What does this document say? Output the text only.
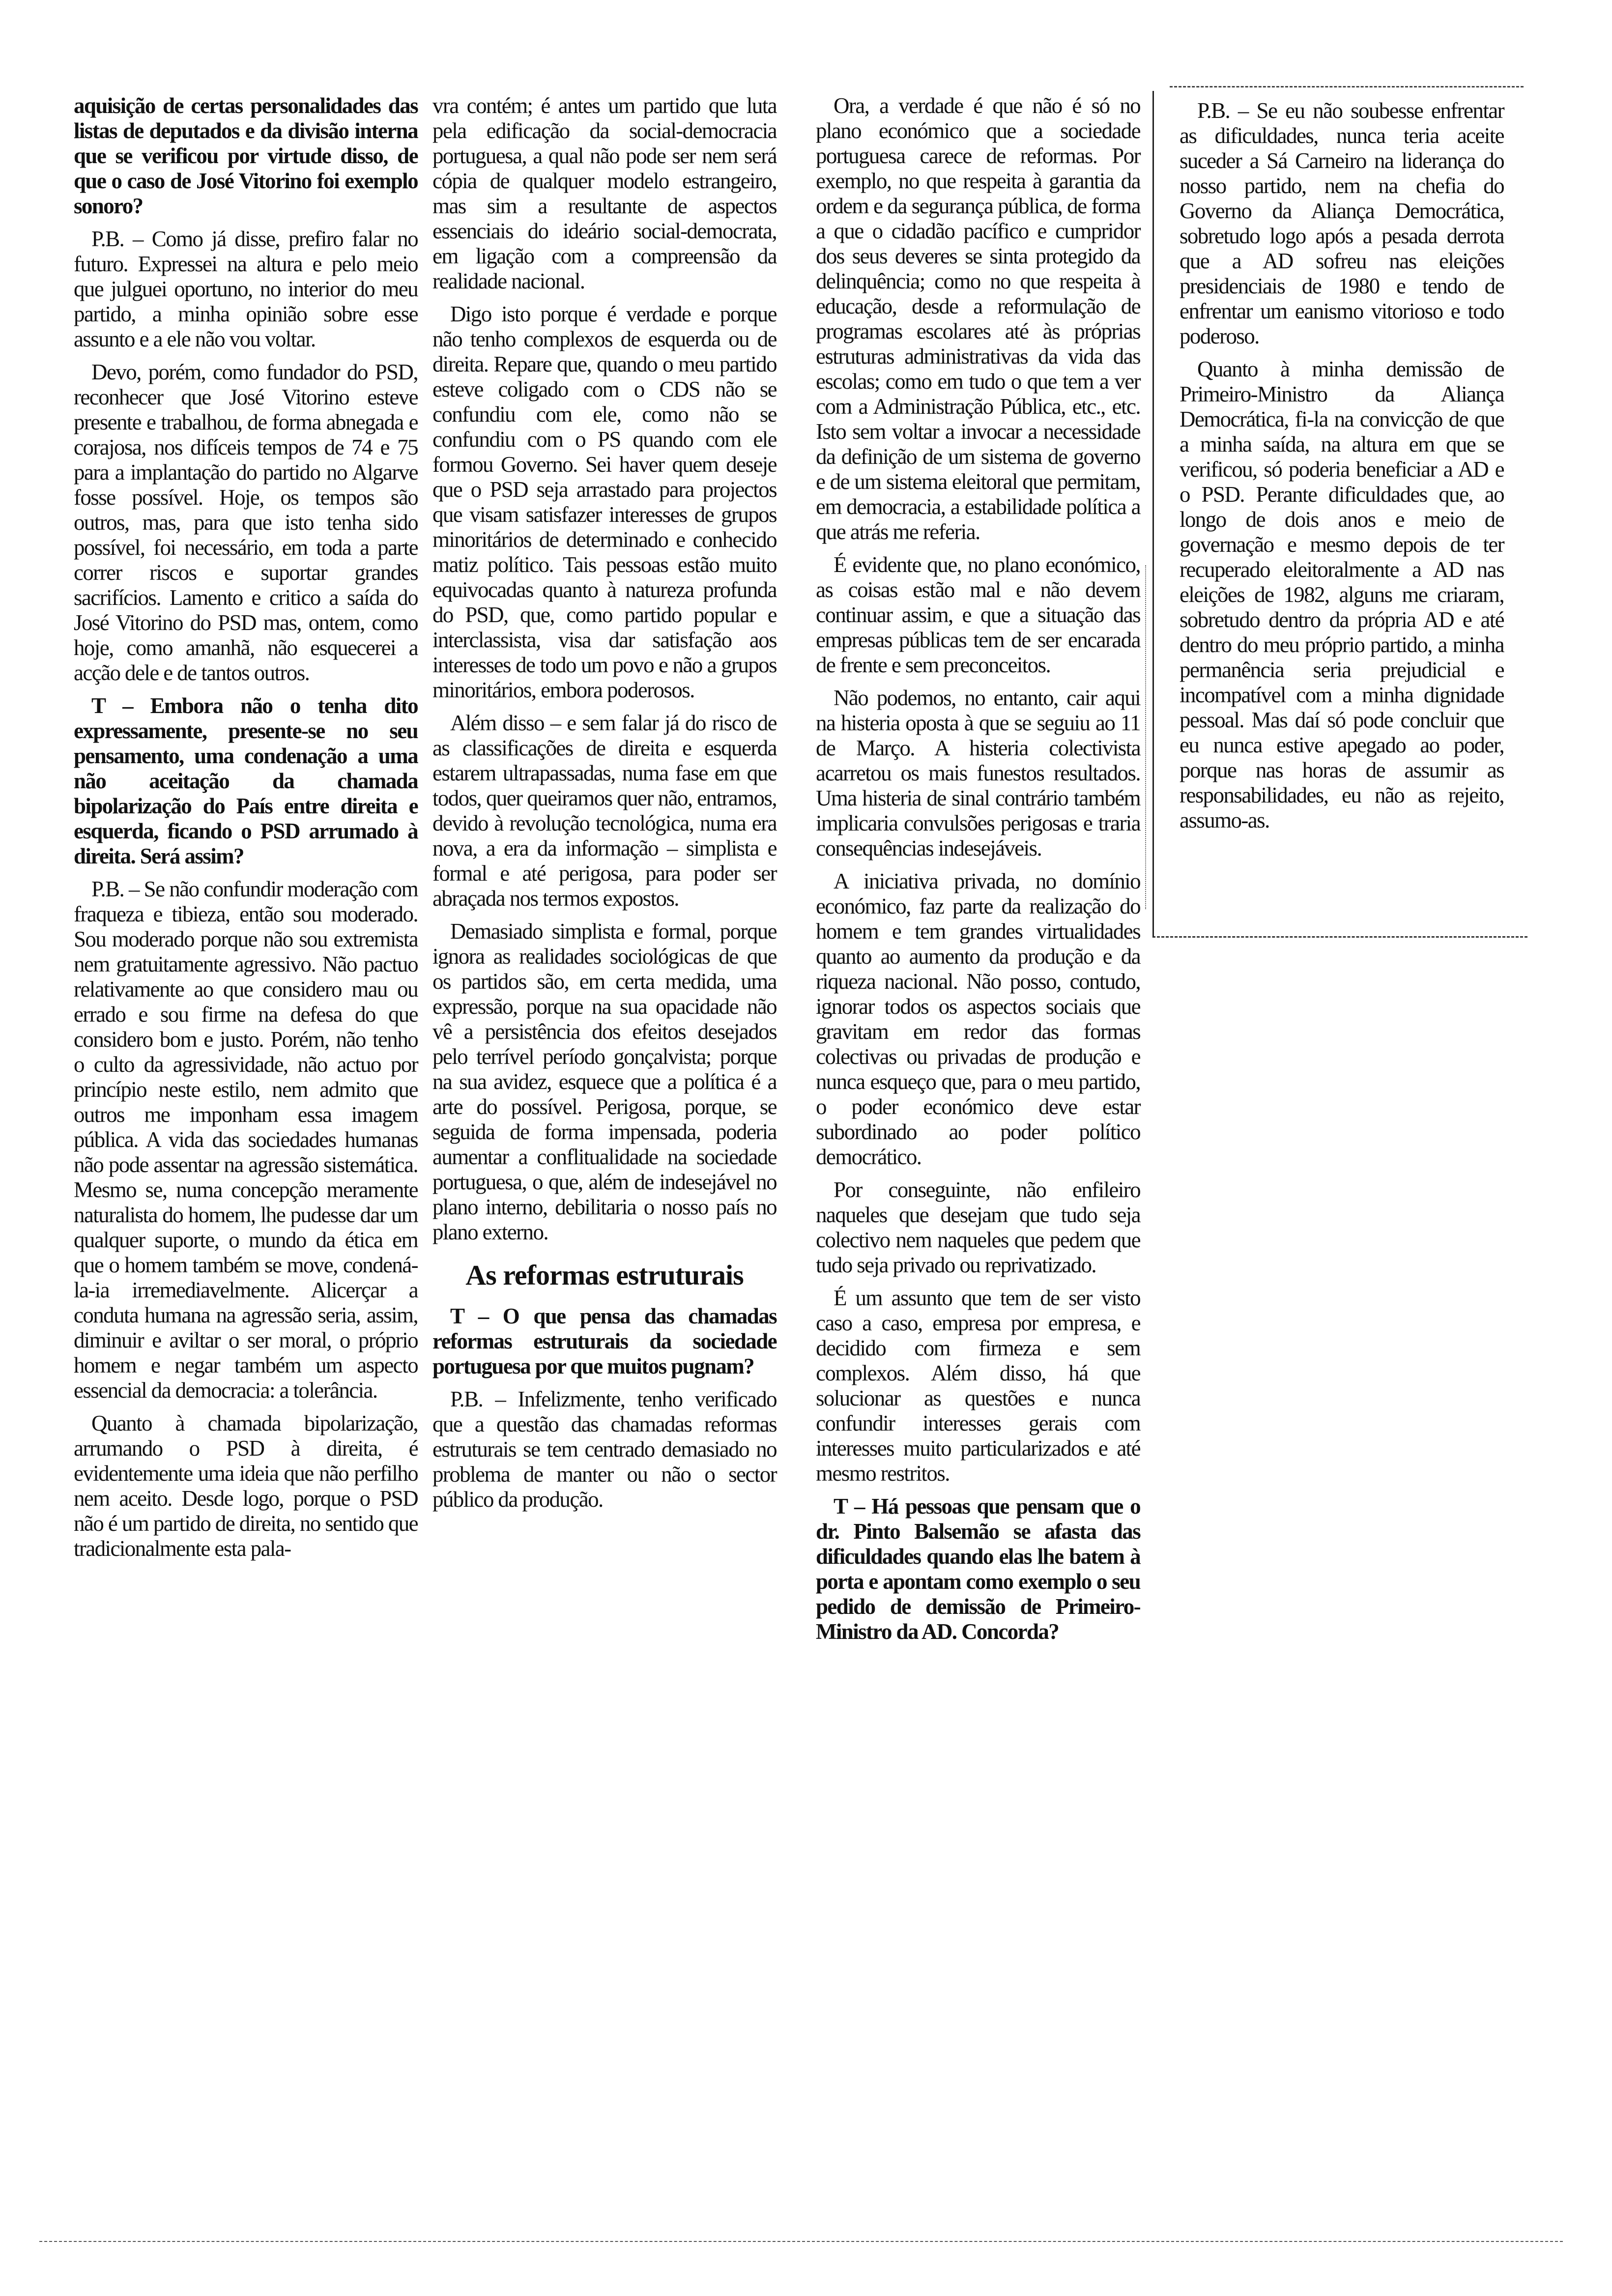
aquisição de certas personalidades das listas de deputados e da divisão interna que se verificou por virtude disso, de que o caso de José Vitorino foi exemplo sonoro?

P.B. – Como já disse, prefiro falar no futuro. Expressei na altura e pelo meio que julguei oportuno, no interior do meu partido, a minha opinião sobre esse assunto e a ele não vou voltar.

Devo, porém, como fundador do PSD, reconhecer que José Vitorino esteve presente e trabalhou, de forma abnegada e corajosa, nos difíceis tempos de 74 e 75 para a implantação do partido no Algarve fosse possível. Hoje, os tempos são outros, mas, para que isto tenha sido possível, foi necessário, em toda a parte correr riscos e suportar grandes sacrifícios. Lamento e critico a saída do José Vitorino do PSD mas, ontem, como hoje, como amanhã, não esquecerei a acção dele e de tantos outros.

T – Embora não o tenha dito expressamente, presente-se no seu pensamento, uma condenação a uma não aceitação da chamada bipolarização do País entre direita e esquerda, ficando o PSD arrumado à direita. Será assim?

P.B. – Se não confundir moderação com fraqueza e tibieza, então sou moderado. Sou moderado porque não sou extremista nem gratuitamente agressivo. Não pactuo relativamente ao que considero mau ou errado e sou firme na defesa do que considero bom e justo. Porém, não tenho o culto da agressividade, não actuo por princípio neste estilo, nem admito que outros me imponham essa imagem pública. A vida das sociedades humanas não pode assentar na agressão sistemática. Mesmo se, numa concepção meramente naturalista do homem, lhe pudesse dar um qualquer suporte, o mundo da ética em que o homem também se move, condená-la-ia irremediavelmente. Alicerçar a conduta humana na agressão seria, assim, diminuir e aviltar o ser moral, o próprio homem e negar também um aspecto essencial da democracia: a tolerância.

Quanto à chamada bipolarização, arrumando o PSD à direita, é evidentemente uma ideia que não perfilho nem aceito. Desde logo, porque o PSD não é um partido de direita, no sentido que tradicionalmente esta pala-

vra contém; é antes um partido que luta pela edificação da social-democracia portuguesa, a qual não pode ser nem será cópia de qualquer modelo estrangeiro, mas sim a resultante de aspectos essenciais do ideário social-democrata, em ligação com a compreensão da realidade nacional.

Digo isto porque é verdade e porque não tenho complexos de esquerda ou de direita. Repare que, quando o meu partido esteve coligado com o CDS não se confundiu com ele, como não se confundiu com o PS quando com ele formou Governo. Sei haver quem deseje que o PSD seja arrastado para projectos que visam satisfazer interesses de grupos minoritários de determinado e conhecido matiz político. Tais pessoas estão muito equivocadas quanto à natureza profunda do PSD, que, como partido popular e interclassista, visa dar satisfação aos interesses de todo um povo e não a grupos minoritários, embora poderosos.

Além disso – e sem falar já do risco de as classificações de direita e esquerda estarem ultrapassadas, numa fase em que todos, quer queiramos quer não, entramos, devido à revolução tecnológica, numa era nova, a era da informação – simplista e formal e até perigosa, para poder ser abraçada nos termos expostos.

Demasiado simplista e formal, porque ignora as realidades sociológicas de que os partidos são, em certa medida, uma expressão, porque na sua opacidade não vê a persistência dos efeitos desejados pelo terrível período gonçalvista; porque na sua avidez, esquece que a política é a arte do possível. Perigosa, porque, se seguida de forma impensada, poderia aumentar a conflitualidade na sociedade portuguesa, o que, além de indesejável no plano interno, debilitaria o nosso país no plano externo.

As reformas estruturais

T – O que pensa das chamadas reformas estruturais da sociedade portuguesa por que muitos pugnam?

P.B. – Infelizmente, tenho verificado que a questão das chamadas reformas estruturais se tem centrado demasiado no problema de manter ou não o sector público da produção.

Ora, a verdade é que não é só no plano económico que a sociedade portuguesa carece de reformas. Por exemplo, no que respeita à garantia da ordem e da segurança pública, de forma a que o cidadão pacífico e cumpridor dos seus deveres se sinta protegido da delinquência; como no que respeita à educação, desde a reformulação de programas escolares até às próprias estruturas administrativas da vida das escolas; como em tudo o que tem a ver com a Administração Pública, etc., etc. Isto sem voltar a invocar a necessidade da definição de um sistema de governo e de um sistema eleitoral que permitam, em democracia, a estabilidade política a que atrás me referia.

É evidente que, no plano económico, as coisas estão mal e não devem continuar assim, e que a situação das empresas públicas tem de ser encarada de frente e sem preconceitos.

Não podemos, no entanto, cair aqui na histeria oposta à que se seguiu ao 11 de Março. A histeria colectivista acarretou os mais funestos resultados. Uma histeria de sinal contrário também implicaria convulsões perigosas e traria consequências indesejáveis.

A iniciativa privada, no domínio económico, faz parte da realização do homem e tem grandes virtualidades quanto ao aumento da produção e da riqueza nacional. Não posso, contudo, ignorar todos os aspectos sociais que gravitam em redor das formas colectivas ou privadas de produção e nunca esqueço que, para o meu partido, o poder económico deve estar subordinado ao poder político democrático.

Por conseguinte, não enfileiro naqueles que desejam que tudo seja colectivo nem naqueles que pedem que tudo seja privado ou reprivatizado.

É um assunto que tem de ser visto caso a caso, empresa por empresa, e decidido com firmeza e sem complexos. Além disso, há que solucionar as questões e nunca confundir interesses gerais com interesses muito particularizados e até mesmo restritos.

T – Há pessoas que pensam que o dr. Pinto Balsemão se afasta das dificuldades quando elas lhe batem à porta e apontam como exemplo o seu pedido de demissão de Primeiro-Ministro da AD. Concorda?

P.B. – Se eu não soubesse enfrentar as dificuldades, nunca teria aceite suceder a Sá Carneiro na liderança do nosso partido, nem na chefia do Governo da Aliança Democrática, sobretudo logo após a pesada derrota que a AD sofreu nas eleições presidenciais de 1980 e tendo de enfrentar um eanismo vitorioso e todo poderoso.

Quanto à minha demissão de Primeiro-Ministro da Aliança Democrática, fi-la na convicção de que a minha saída, na altura em que se verificou, só poderia beneficiar a AD e o PSD. Perante dificuldades que, ao longo de dois anos e meio de governação e mesmo depois de ter recuperado eleitoralmente a AD nas eleições de 1982, alguns me criaram, sobretudo dentro da própria AD e até dentro do meu próprio partido, a minha permanência seria prejudicial e incompatível com a minha dignidade pessoal. Mas daí só pode concluir que eu nunca estive apegado ao poder, porque nas horas de assumir as responsabilidades, eu não as rejeito, assumo-as.
